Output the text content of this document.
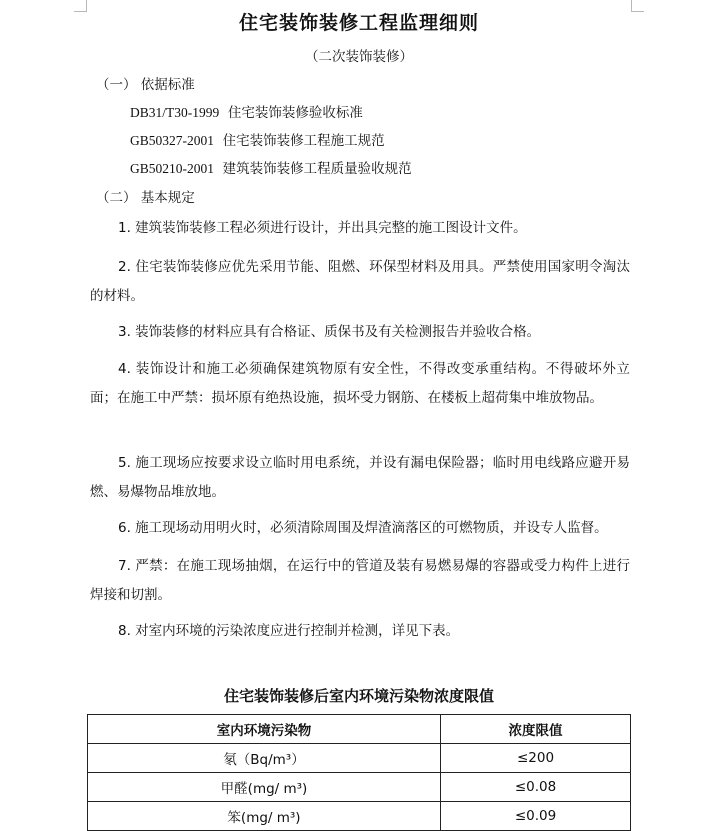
住宅装饰装修工程监理细则
（二次装饰装修）
（一） 依据标准
DB31/T30-1999 住宅装饰装修验收标准
GB50327-2001 住宅装饰装修工程施工规范
GB50210-2001 建筑装饰装修工程质量验收规范
（二） 基本规定
1. 建筑装饰装修工程必须进行设计，并出具完整的施工图设计文件。
2. 住宅装饰装修应优先采用节能、阻燃、环保型材料及用具。严禁使用国家明令淘汰的材料。
3. 装饰装修的材料应具有合格证、质保书及有关检测报告并验收合格。
4. 装饰设计和施工必须确保建筑物原有安全性，不得改变承重结构。不得破坏外立面；在施工中严禁：损坏原有绝热设施，损坏受力钢筋、在楼板上超荷集中堆放物品。
5. 施工现场应按要求设立临时用电系统，并设有漏电保险器；临时用电线路应避开易燃、易爆物品堆放地。
6. 施工现场动用明火时，必须清除周围及焊渣滴落区的可燃物质，并设专人监督。
7. 严禁：在施工现场抽烟，在运行中的管道及装有易燃易爆的容器或受力构件上进行焊接和切割。
8. 对室内环境的污染浓度应进行控制并检测，详见下表。
住宅装饰装修后室内环境污染物浓度限值
室内环境污染物	浓度限值
氡（Bq/m³）	≤200
甲醛(mg/ m³)	≤0.08
笨(mg/ m³)	≤0.09
